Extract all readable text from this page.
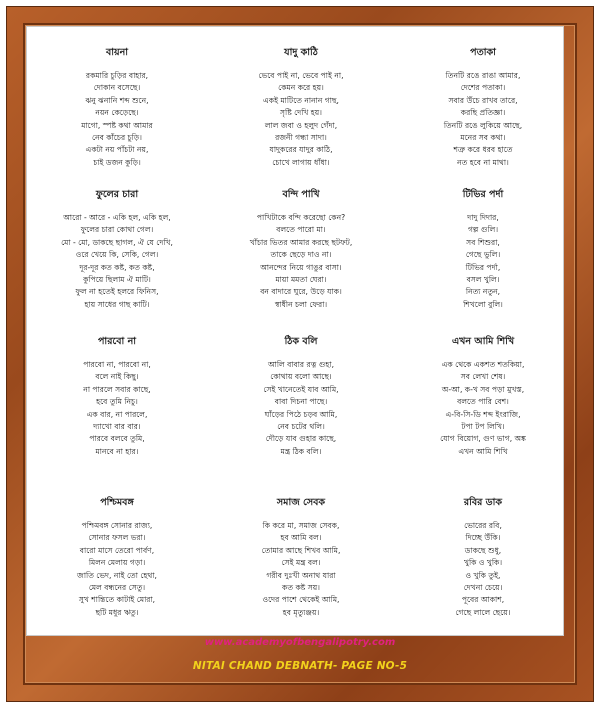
বায়না
রকমারি চুড়ির বাহার,
দোকান বসেছে।
ঝনু ঝনানি শব্দ শুনে,
নয়ন কেড়েছে।
মাগো, স্পষ্ট কথা আমার
নেব কাঁচের চুড়ি।
একটা নয় পাঁচটা নয়,
চাই ডজন কুড়ি।
যাদু কাঠি
ভেবে পাই না, ভেবে পাই না,
কেমন করে হয়।
একই মাটিতে নানান গাছ,
সৃষ্টি দেখি হয়।
লাল জবা ও হলুদ গেঁদা,
রজনী গন্ধা সাদা।
যাদুকরের যাদুর কাঠি,
চোখে লাগায় ধাঁধা।
পতাকা
তিনটি রঙে রাঙা আমার,
দেশের পতাকা।
সবার উঁচে রাখব তারে,
করছি প্রতিজ্ঞা।
তিনটি রঙে লুকিয়ে আছে,
মনের সব কথা।
শত্রু করে ধরব হাতে
নত হবে না মাথা।
ফুলের চারা
আরো - আরে - একি হল, একি হল,
ফুলের চারা কোথা গেল।
মো - মো, ডাকছে ছাগল, ঐ যে দেখি,
ওরে খেয়ে কি, সেকি, গেল।
দূর-দূর কত কষ্ট, কত কষ্ট,
কুপিয়ে ছিলাম ঐ মাটি।
ফুল না হতেই হলরে ফিনিস,
হায় সাধের গাছ কাটি।
বন্দি পাখি
পাখিটাকে বন্দি করেছো কেন?
বলতে পারো মা।
খাঁচার ভিতর আমার করছে ছটফট,
তাকে ছেড়ে দাও না।
আনন্দের নিয়ে গাঙুর বাসা।
মায়া মমতা ঘেরা।
বন বাদারে ঘুরে, উড়ে যাক।
স্বাধীন চলা ফেরা।
টিভির পর্দা
দাদু দিদার,
গল্প গুলি।
সব শিশুরা,
গেছে ভুলি।
টিভির পর্দা,
বসল খুলি।
নিত্য নতুন,
শিখলো বুলি।
পারবো না
পারবো না, পারবো না,
বলে নাই কিছু।
না পারলে সবার কাছে,
হবে তুমি নিচু।
এক বার, না পারলে,
দ্যাখো বার বার।
পারবে বলবে তুমি,
মানবে না হার।
ঠিক বলি
আলি বাবার রত্ন গুহা,
কোথায় বলো আছে।
সেই খানেতেই যাব আমি,
বাবা দিচনা পাছে।
ঘাঁড়ের পিঠে চড়ব আমি,
নেব চটের থলি।
দৌড়ে যাব গুহার কাছে,
মন্ত্র ঠিক বলি।
এখন আমি শিখি
এক থেকে একশত শতকিয়া,
সব লেখা শেষ।
অ-আ, ক-খ সব পড়া মুখস্ত,
বলতে পারি বেশ।
এ-বি-সি-ডি শব্দ ইংরাজি,
টপা টপ লিখি।
যোগ বিয়োগ, গুণ ভাগ, অঙ্ক
এখন আমি শিখি
পশ্চিমবঙ্গ
পশ্চিমবঙ্গ সোনার রাজ্য,
সোনার ফসল ভরা।
বারো মাসে তেরো পার্বণ,
মিলন মেলায় গড়া।
জাতি ভেদ, নাই তো হেথা,
মেল বন্ধনের সেতু।
সুখ শান্তিতে কাটাই মোরা,
ছটি মধুর ঋতু।
সমাজ সেবক
কি করে মা, সমাজ সেবক,
হব আমি বল।
তোমার আছে শিখব আমি,
সেই মন্ত্র বল।
গরীব দুঃখী অনাথ যারা
কত কষ্ট সয়।
ওদের পাশে থেকেই আমি,
হব মৃত্যুঞ্জয়।
রবির ডাক
ভোরের রবি,
দিচ্ছে উঁকি।
ডাকছে শুধু,
খুকি ও খুকি।
ও খুকি তুই,
দেখনা চেয়ে।
পূবের আকাশ,
গেছে লালে ছেয়ে।
www.academyofbengalipotry.com
NITAI CHAND DEBNATH- PAGE NO-5
